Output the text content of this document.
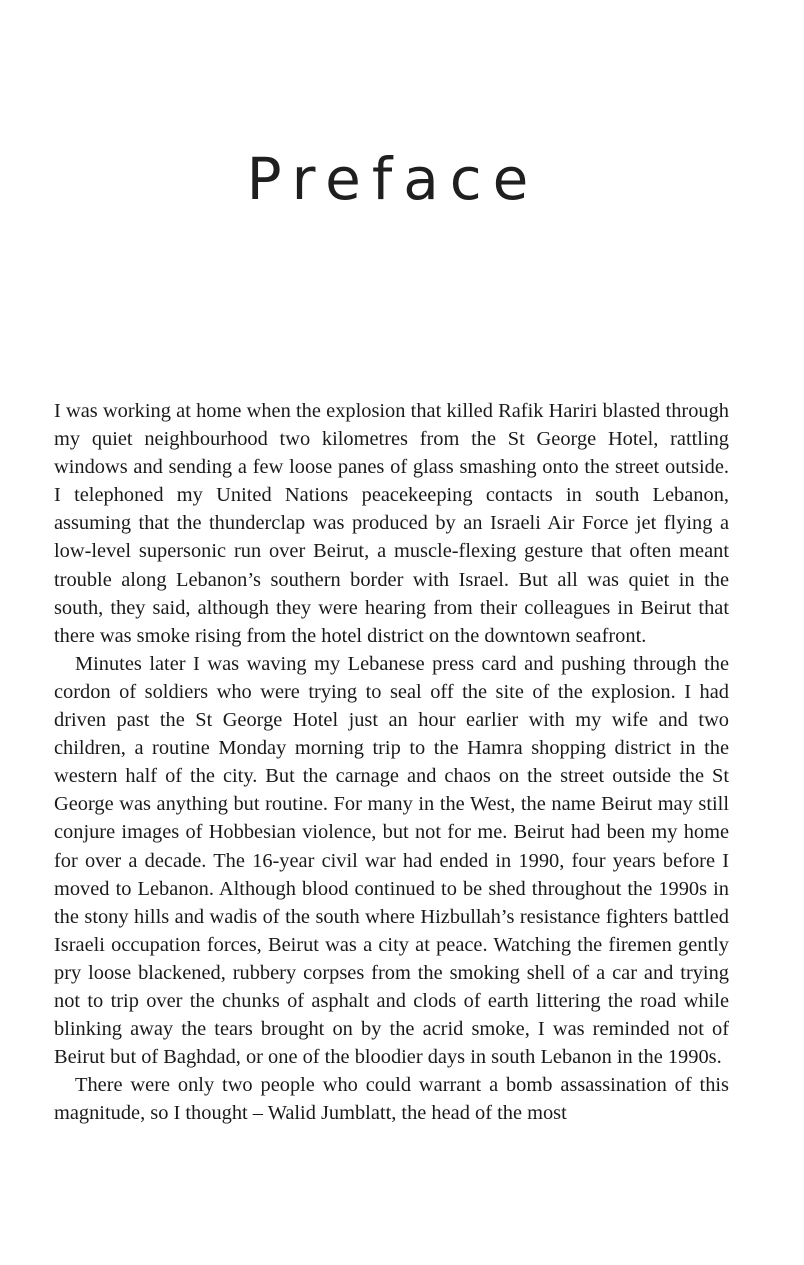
Preface

I was working at home when the explosion that killed Rafik Hariri blasted through my quiet neighbourhood two kilometres from the St George Hotel, rattling windows and sending a few loose panes of glass smashing onto the street outside. I telephoned my United Nations peacekeeping contacts in south Lebanon, assuming that the thunderclap was produced by an Israeli Air Force jet flying a low-level supersonic run over Beirut, a muscle-flexing gesture that often meant trouble along Lebanon’s southern border with Israel. But all was quiet in the south, they said, although they were hearing from their colleagues in Beirut that there was smoke rising from the hotel district on the downtown seafront.

Minutes later I was waving my Lebanese press card and pushing through the cordon of soldiers who were trying to seal off the site of the explosion. I had driven past the St George Hotel just an hour earlier with my wife and two children, a routine Monday morning trip to the Hamra shopping district in the western half of the city. But the carnage and chaos on the street outside the St George was anything but routine. For many in the West, the name Beirut may still conjure images of Hobbesian violence, but not for me. Beirut had been my home for over a decade. The 16-year civil war had ended in 1990, four years before I moved to Lebanon. Although blood continued to be shed throughout the 1990s in the stony hills and wadis of the south where Hizbullah’s resistance fighters battled Israeli occupation forces, Beirut was a city at peace. Watching the firemen gently pry loose blackened, rubbery corpses from the smoking shell of a car and trying not to trip over the chunks of asphalt and clods of earth littering the road while blinking away the tears brought on by the acrid smoke, I was reminded not of Beirut but of Baghdad, or one of the bloodier days in south Lebanon in the 1990s.

There were only two people who could warrant a bomb assassination of this magnitude, so I thought – Walid Jumblatt, the head of the most
